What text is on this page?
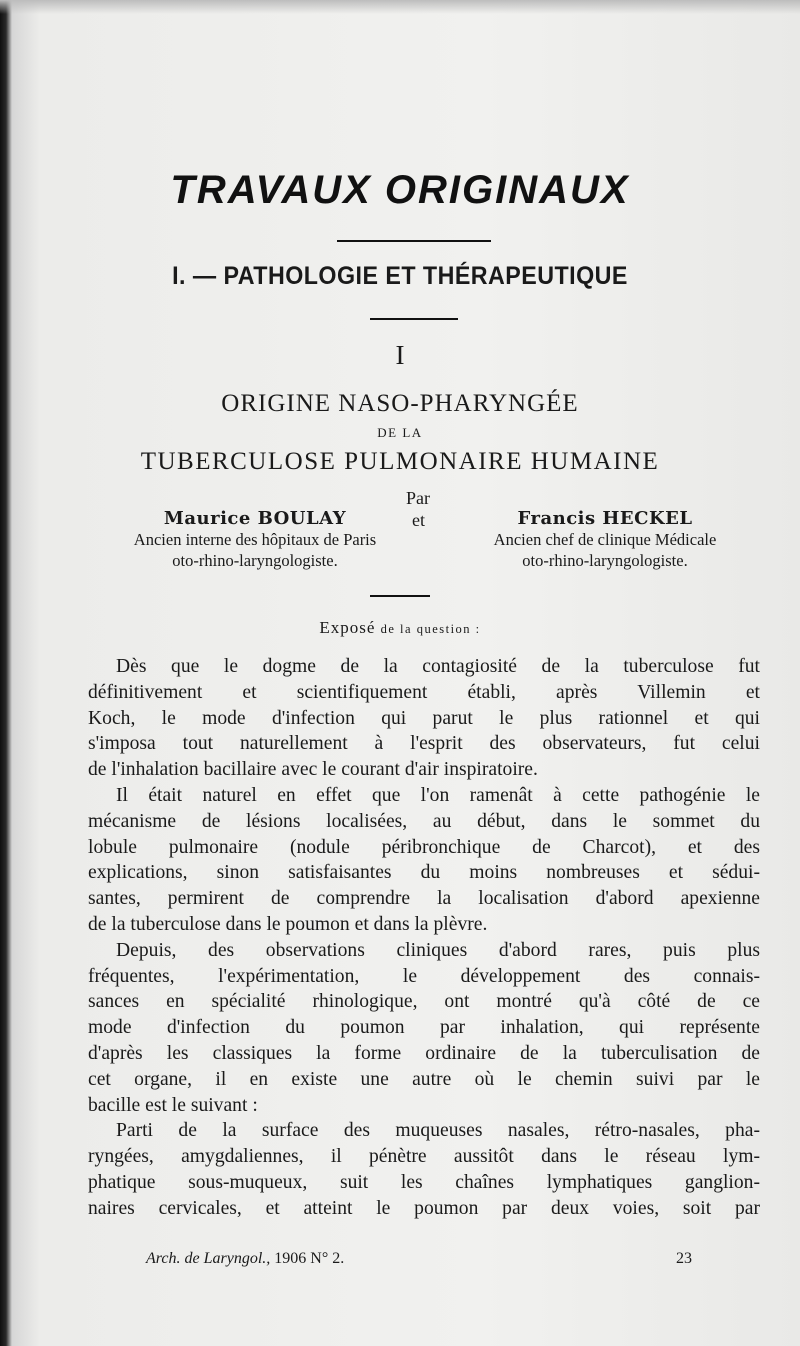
TRAVAUX ORIGINAUX
I. — PATHOLOGIE ET THÉRAPEUTIQUE
I
ORIGINE NASO-PHARYNGÉE
DE LA
TUBERCULOSE PULMONAIRE HUMAINE
Par
Maurice BOULAY
Ancien interne des hôpitaux de Paris
oto-rhino-laryngologiste.
et	Francis HECKEL
Ancien chef de clinique Médicale
oto-rhino-laryngologiste.
Exposé de la question :
Dès que le dogme de la contagiosité de la tuberculose fut
définitivement et scientifiquement établi, après Villemin et
Koch, le mode d'infection qui parut le plus rationnel et qui
s'imposa tout naturellement à l'esprit des observateurs, fut celui
de l'inhalation bacillaire avec le courant d'air inspiratoire.
Il était naturel en effet que l'on ramenât à cette pathogénie le
mécanisme de lésions localisées, au début, dans le sommet du
lobule pulmonaire (nodule péribronchique de Charcot), et des
explications, sinon satisfaisantes du moins nombreuses et sédui-
santes, permirent de comprendre la localisation d'abord apexienne
de la tuberculose dans le poumon et dans la plèvre.
Depuis, des observations cliniques d'abord rares, puis plus
fréquentes, l'expérimentation, le développement des connais-
sances en spécialité rhinologique, ont montré qu'à côté de ce
mode d'infection du poumon par inhalation, qui représente
d'après les classiques la forme ordinaire de la tuberculisation de
cet organe, il en existe une autre où le chemin suivi par le
bacille est le suivant :
Parti de la surface des muqueuses nasales, rétro-nasales, pha-
ryngées, amygdaliennes, il pénètre aussitôt dans le réseau lym-
phatique sous-muqueux, suit les chaînes lymphatiques ganglion-
naires cervicales, et atteint le poumon par deux voies, soit par
Arch. de Laryngol., 1906 N° 2.	23
